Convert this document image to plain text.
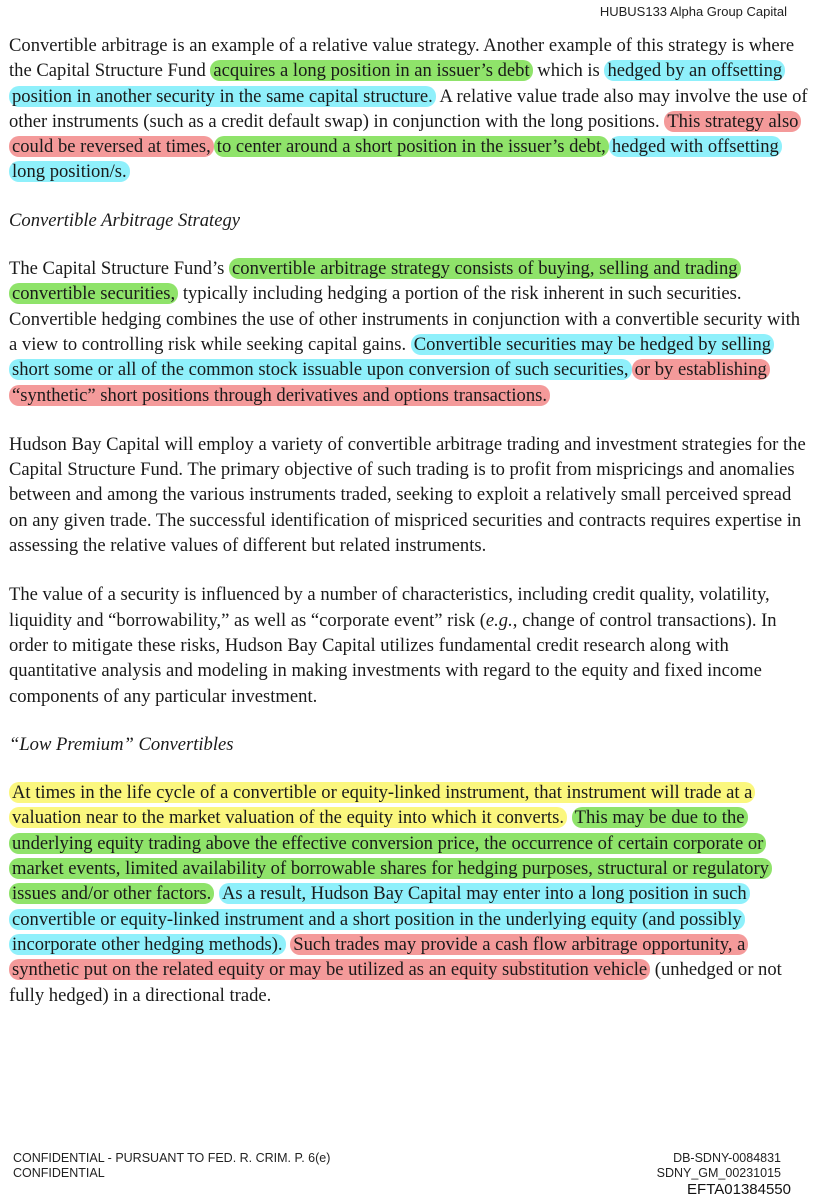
HUBUS133 Alpha Group Capital

Convertible arbitrage is an example of a relative value strategy. Another example of this strategy is where the Capital Structure Fund acquires a long position in an issuer’s debt which is hedged by an offsetting position in another security in the same capital structure. A relative value trade also may involve the use of other instruments (such as a credit default swap) in conjunction with the long positions. This strategy also could be reversed at times, to center around a short position in the issuer’s debt, hedged with offsetting long position/s.

Convertible Arbitrage Strategy

The Capital Structure Fund’s convertible arbitrage strategy consists of buying, selling and trading convertible securities, typically including hedging a portion of the risk inherent in such securities. Convertible hedging combines the use of other instruments in conjunction with a convertible security with a view to controlling risk while seeking capital gains. Convertible securities may be hedged by selling short some or all of the common stock issuable upon conversion of such securities, or by establishing “synthetic” short positions through derivatives and options transactions.

Hudson Bay Capital will employ a variety of convertible arbitrage trading and investment strategies for the Capital Structure Fund. The primary objective of such trading is to profit from mispricings and anomalies between and among the various instruments traded, seeking to exploit a relatively small perceived spread on any given trade. The successful identification of mispriced securities and contracts requires expertise in assessing the relative values of different but related instruments.

The value of a security is influenced by a number of characteristics, including credit quality, volatility, liquidity and “borrowability,” as well as “corporate event” risk (e.g., change of control transactions). In order to mitigate these risks, Hudson Bay Capital utilizes fundamental credit research along with quantitative analysis and modeling in making investments with regard to the equity and fixed income components of any particular investment.

“Low Premium” Convertibles

At times in the life cycle of a convertible or equity-linked instrument, that instrument will trade at a valuation near to the market valuation of the equity into which it converts. This may be due to the underlying equity trading above the effective conversion price, the occurrence of certain corporate or market events, limited availability of borrowable shares for hedging purposes, structural or regulatory issues and/or other factors. As a result, Hudson Bay Capital may enter into a long position in such convertible or equity-linked instrument and a short position in the underlying equity (and possibly incorporate other hedging methods). Such trades may provide a cash flow arbitrage opportunity, a synthetic put on the related equity or may be utilized as an equity substitution vehicle (unhedged or not fully hedged) in a directional trade.

CONFIDENTIAL - PURSUANT TO FED. R. CRIM. P. 6(e)
CONFIDENTIAL
DB-SDNY-0084831
SDNY_GM_00231015
EFTA01384550
